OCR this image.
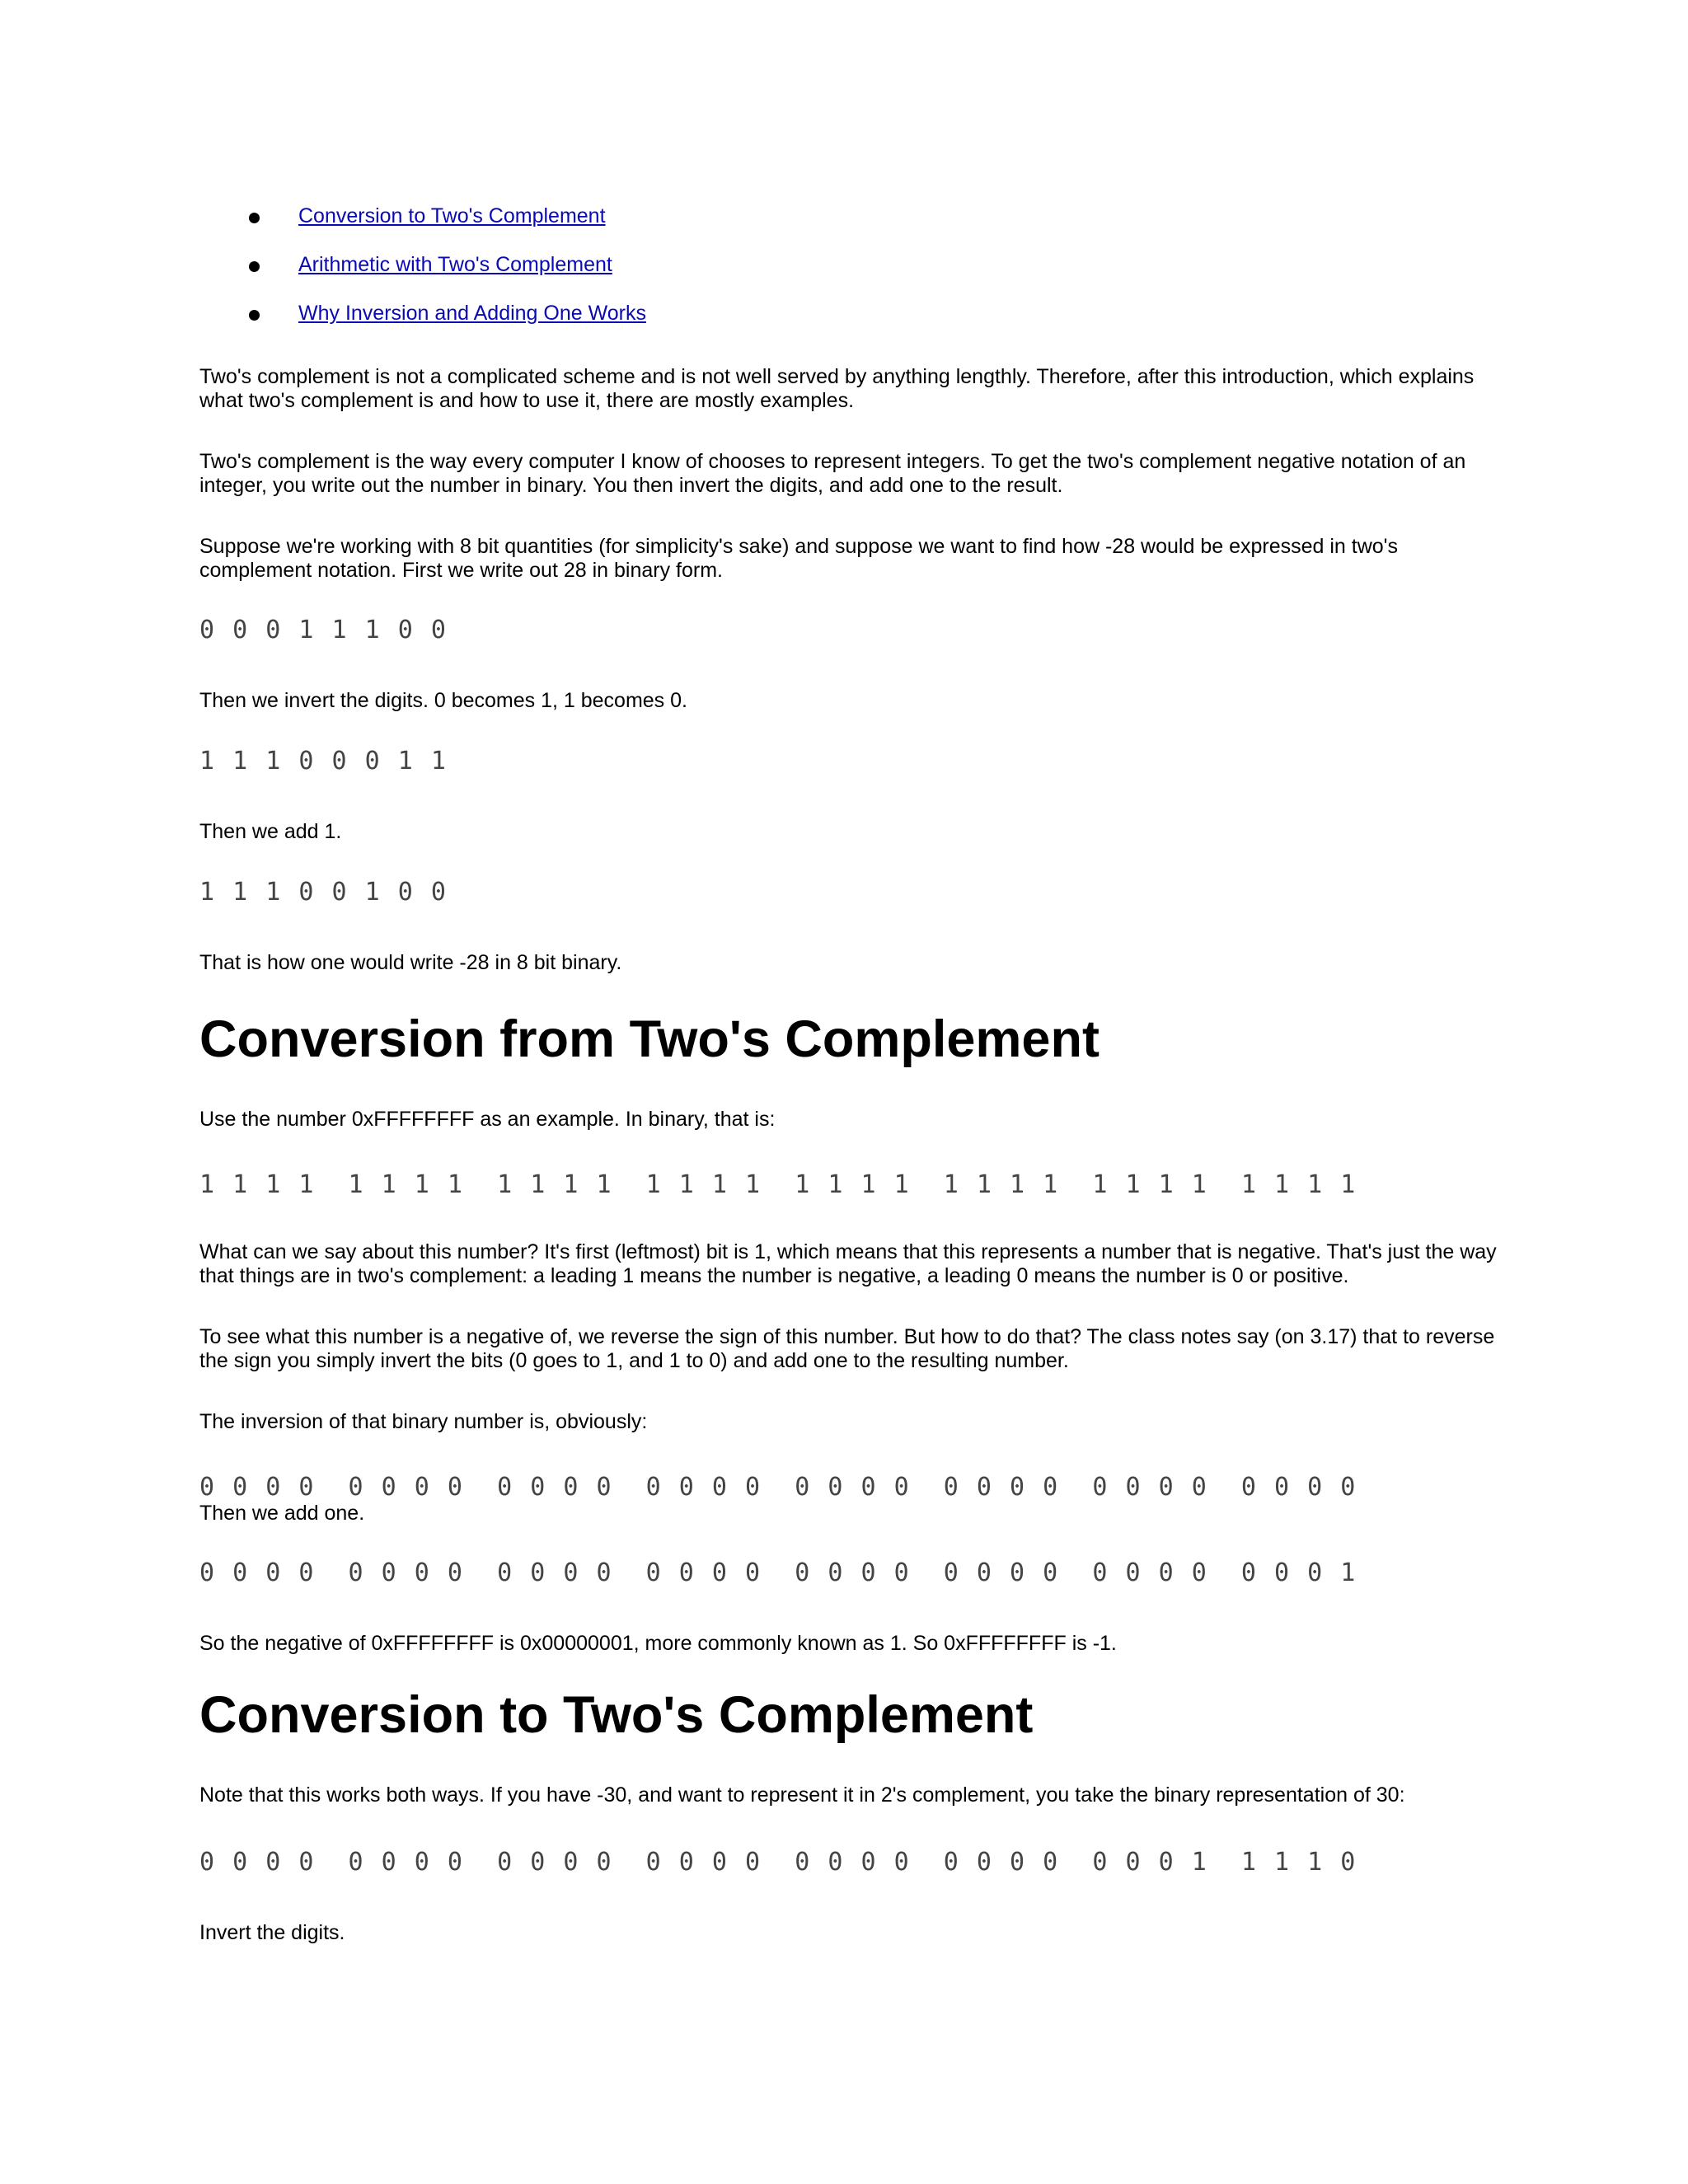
Conversion to Two's Complement
Arithmetic with Two's Complement
Why Inversion and Adding One Works

Two's complement is not a complicated scheme and is not well served by anything lengthly. Therefore, after this introduction, which explains what two's complement is and how to use it, there are mostly examples.

Two's complement is the way every computer I know of chooses to represent integers. To get the two's complement negative notation of an integer, you write out the number in binary. You then invert the digits, and add one to the result.

Suppose we're working with 8 bit quantities (for simplicity's sake) and suppose we want to find how -28 would be expressed in two's complement notation. First we write out 28 in binary form.

0 0 0 1 1 1 0 0

Then we invert the digits. 0 becomes 1, 1 becomes 0.

1 1 1 0 0 0 1 1

Then we add 1.

1 1 1 0 0 1 0 0

That is how one would write -28 in 8 bit binary.

Conversion from Two's Complement

Use the number 0xFFFFFFFF as an example. In binary, that is:

1 1 1 1  1 1 1 1  1 1 1 1  1 1 1 1  1 1 1 1  1 1 1 1  1 1 1 1  1 1 1 1

What can we say about this number? It's first (leftmost) bit is 1, which means that this represents a number that is negative. That's just the way that things are in two's complement: a leading 1 means the number is negative, a leading 0 means the number is 0 or positive.

To see what this number is a negative of, we reverse the sign of this number. But how to do that? The class notes say (on 3.17) that to reverse the sign you simply invert the bits (0 goes to 1, and 1 to 0) and add one to the resulting number.

The inversion of that binary number is, obviously:

0 0 0 0  0 0 0 0  0 0 0 0  0 0 0 0  0 0 0 0  0 0 0 0  0 0 0 0  0 0 0 0

Then we add one.

0 0 0 0  0 0 0 0  0 0 0 0  0 0 0 0  0 0 0 0  0 0 0 0  0 0 0 0  0 0 0 1

So the negative of 0xFFFFFFFF is 0x00000001, more commonly known as 1. So 0xFFFFFFFF is -1.

Conversion to Two's Complement

Note that this works both ways. If you have -30, and want to represent it in 2's complement, you take the binary representation of 30:

0 0 0 0  0 0 0 0  0 0 0 0  0 0 0 0  0 0 0 0  0 0 0 0  0 0 0 1  1 1 1 0

Invert the digits.
